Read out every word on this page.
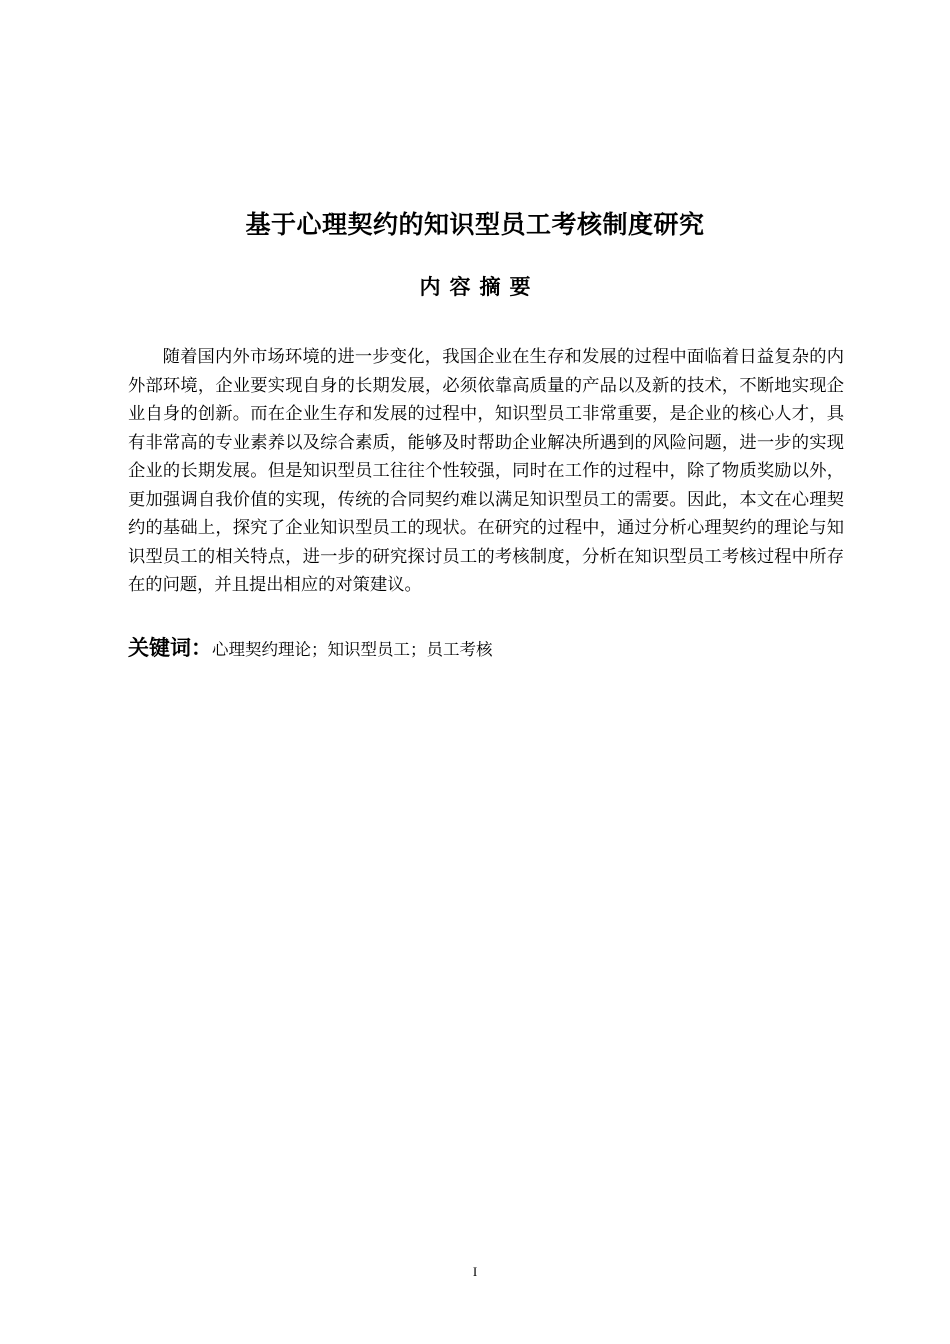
基于心理契约的知识型员工考核制度研究
内容摘要

随着国内外市场环境的进一步变化，我国企业在生存和发展的过程中面临着日益复杂的内外部环境，企业要实现自身的长期发展，必须依靠高质量的产品以及新的技术，不断地实现企业自身的创新。而在企业生存和发展的过程中，知识型员工非常重要，是企业的核心人才，具有非常高的专业素养以及综合素质，能够及时帮助企业解决所遇到的风险问题，进一步的实现企业的长期发展。但是知识型员工往往个性较强，同时在工作的过程中，除了物质奖励以外，更加强调自我价值的实现，传统的合同契约难以满足知识型员工的需要。因此，本文在心理契约的基础上，探究了企业知识型员工的现状。在研究的过程中，通过分析心理契约的理论与知识型员工的相关特点，进一步的研究探讨员工的考核制度，分析在知识型员工考核过程中所存在的问题，并且提出相应的对策建议。

关键词：心理契约理论；知识型员工；员工考核
I
